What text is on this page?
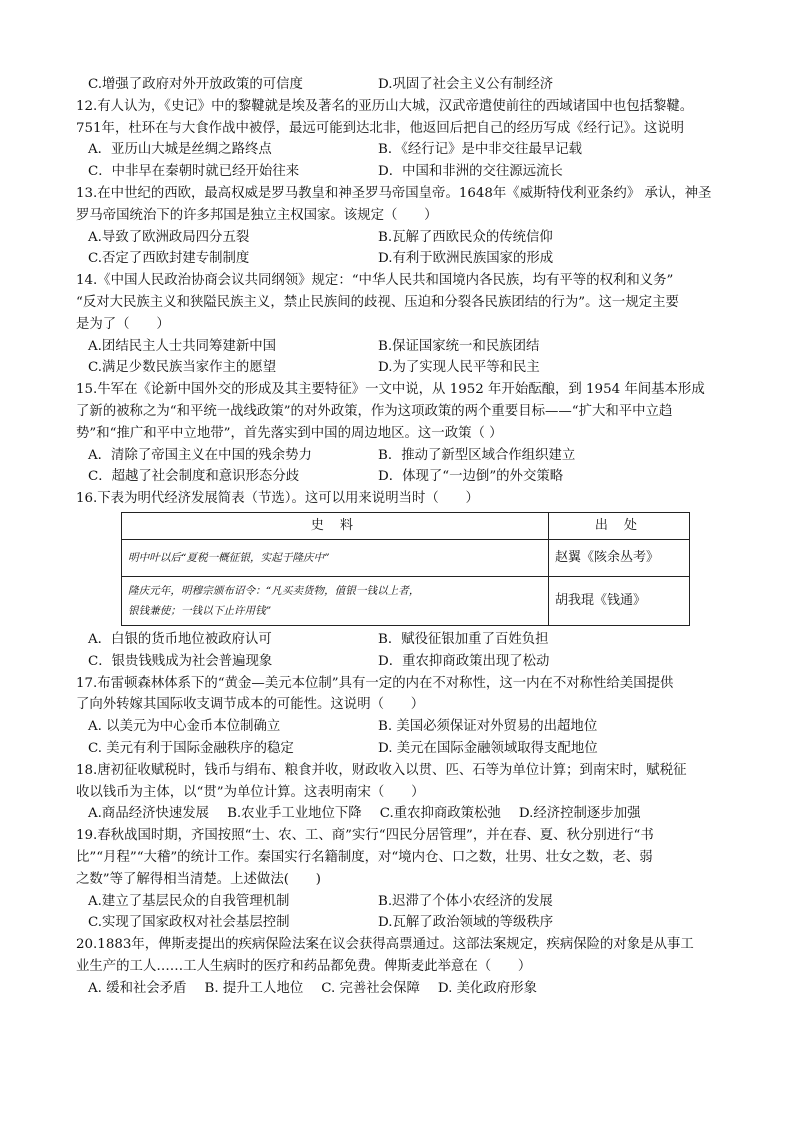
C.增强了政府对外开放政策的可信度	D.巩固了社会主义公有制经济
12.有人认为，《史记》中的黎鞬就是埃及著名的亚历山大城，汉武帝遣使前往的西域诸国中也包括黎鞬。
751年，杜环在与大食作战中被俘，最远可能到达北非，他返回后把自己的经历写成《经行记》。这说明
A．亚历山大城是丝绸之路终点	B．《经行记》是中非交往最早记载
C．中非早在秦朝时就已经开始往来	D．中国和非洲的交往源远流长
13.在中世纪的西欧，最高权威是罗马教皇和神圣罗马帝国皇帝。1648年《威斯特伐利亚条约》 承认，神圣
罗马帝国统治下的许多邦国是独立主权国家。该规定（　　）
A.导致了欧洲政局四分五裂	B.瓦解了西欧民众的传统信仰
C.否定了西欧封建专制制度	D.有利于欧洲民族国家的形成
14.《中国人民政治协商会议共同纲领》规定：“中华人民共和国境内各民族，均有平等的权利和义务”
“反对大民族主义和狭隘民族主义，禁止民族间的歧视、压迫和分裂各民族团结的行为”。这一规定主要
是为了（　　）
A.团结民主人士共同筹建新中国	B.保证国家统一和民族团结
C.满足少数民族当家作主的愿望	D.为了实现人民平等和民主
15.牛军在《论新中国外交的形成及其主要特征》一文中说，从 1952 年开始酝酿，到 1954 年间基本形成
了新的被称之为“和平统一战线政策”的对外政策，作为这项政策的两个重要目标——“扩大和平中立趋
势”和“推广和平中立地带”，首先落实到中国的周边地区。这一政策（ ）
A．清除了帝国主义在中国的残余势力	B．推动了新型区域合作组织建立
C．超越了社会制度和意识形态分歧	D．体现了“一边倒”的外交策略
16.下表为明代经济发展简表（节选）。这可以用来说明当时（　　）
史 料	出 处

明中叶以后“夏税一概征银，实起于隆庆中”	赵翼《陔余丛考》

隆庆元年，明穆宗颁布诏令：“凡买卖货物，值银一钱以上者，
银钱兼使；一钱以下止许用钱”	胡我琨《钱通》
A．白银的货币地位被政府认可	B．赋役征银加重了百姓负担
C．银贵钱贱成为社会普遍现象	D．重农抑商政策出现了松动
17.布雷顿森林体系下的“黄金—美元本位制”具有一定的内在不对称性，这一内在不对称性给美国提供
了向外转嫁其国际收支调节成本的可能性。这说明（　　）
A. 以美元为中心金币本位制确立	B. 美国必须保证对外贸易的出超地位
C. 美元有利于国际金融秩序的稳定	D. 美元在国际金融领域取得支配地位
18.唐初征收赋税时，钱币与绢布、粮食并收，财政收入以贯、匹、石等为单位计算；到南宋时，赋税征
收以钱币为主体，以“贯”为单位计算。这表明南宋（　　）
A.商品经济快速发展 B.农业手工业地位下降 C.重农抑商政策松弛 D.经济控制逐步加强
19.春秋战国时期，齐国按照“士、农、工、商”实行“四民分居管理”，并在春、夏、秋分别进行“书
比”“月程”“大稽”的统计工作。秦国实行名籍制度，对“境内仓、口之数，壮男、壮女之数，老、弱
之数”等了解得相当清楚。上述做法(　　)
A.建立了基层民众的自我管理机制	B.迟滞了个体小农经济的发展
C.实现了国家政权对社会基层控制	D.瓦解了政治领域的等级秩序
20.1883年，俾斯麦提出的疾病保险法案在议会获得高票通过。这部法案规定，疾病保险的对象是从事工
业生产的工人……工人生病时的医疗和药品都免费。俾斯麦此举意在（　　）
A. 缓和社会矛盾 B. 提升工人地位 C. 完善社会保障 D. 美化政府形象
